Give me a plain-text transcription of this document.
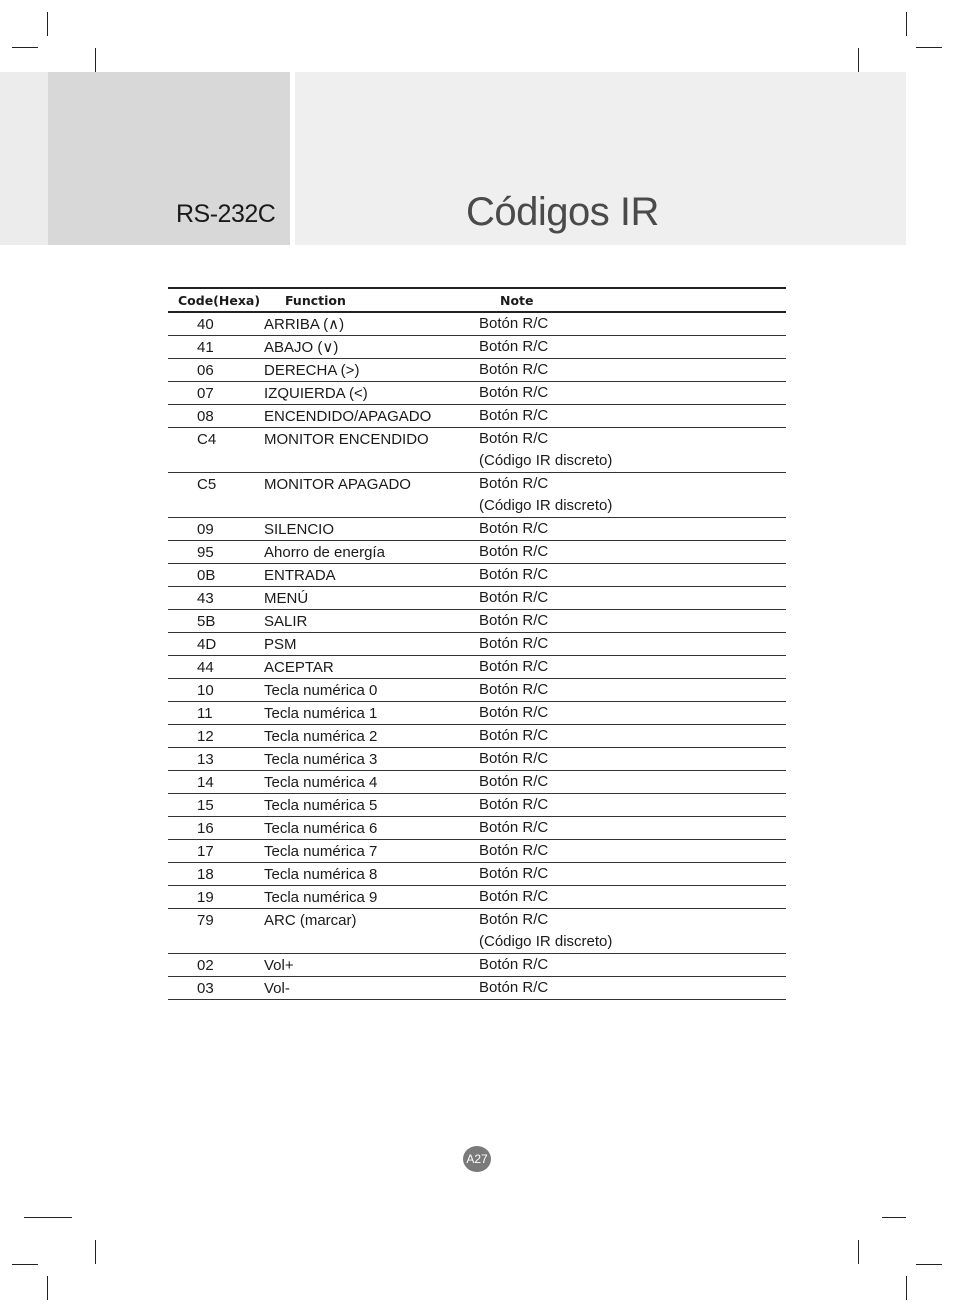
RS-232C	Códigos IR
Code(Hexa)	Function	Note
40	ARRIBA (∧)	Botón R/C

41	ABAJO (∨)	Botón R/C

06	DERECHA (>)	Botón R/C

07	IZQUIERDA (<)	Botón R/C

08	ENCENDIDO/APAGADO	Botón R/C

C4	MONITOR ENCENDIDO	Botón R/C
(Código IR discreto)

C5	MONITOR APAGADO	Botón R/C
(Código IR discreto)

09	SILENCIO	Botón R/C

95	Ahorro de energía	Botón R/C

0B	ENTRADA	Botón R/C

43	MENÚ	Botón R/C

5B	SALIR	Botón R/C

4D	PSM	Botón R/C

44	ACEPTAR	Botón R/C

10	Tecla numérica 0	Botón R/C

11	Tecla numérica 1	Botón R/C

12	Tecla numérica 2	Botón R/C

13	Tecla numérica 3	Botón R/C

14	Tecla numérica 4	Botón R/C

15	Tecla numérica 5	Botón R/C

16	Tecla numérica 6	Botón R/C

17	Tecla numérica 7	Botón R/C

18	Tecla numérica 8	Botón R/C

19	Tecla numérica 9	Botón R/C

79	ARC (marcar)	Botón R/C
(Código IR discreto)

02	Vol+	Botón R/C

03	Vol-	Botón R/C
A27
